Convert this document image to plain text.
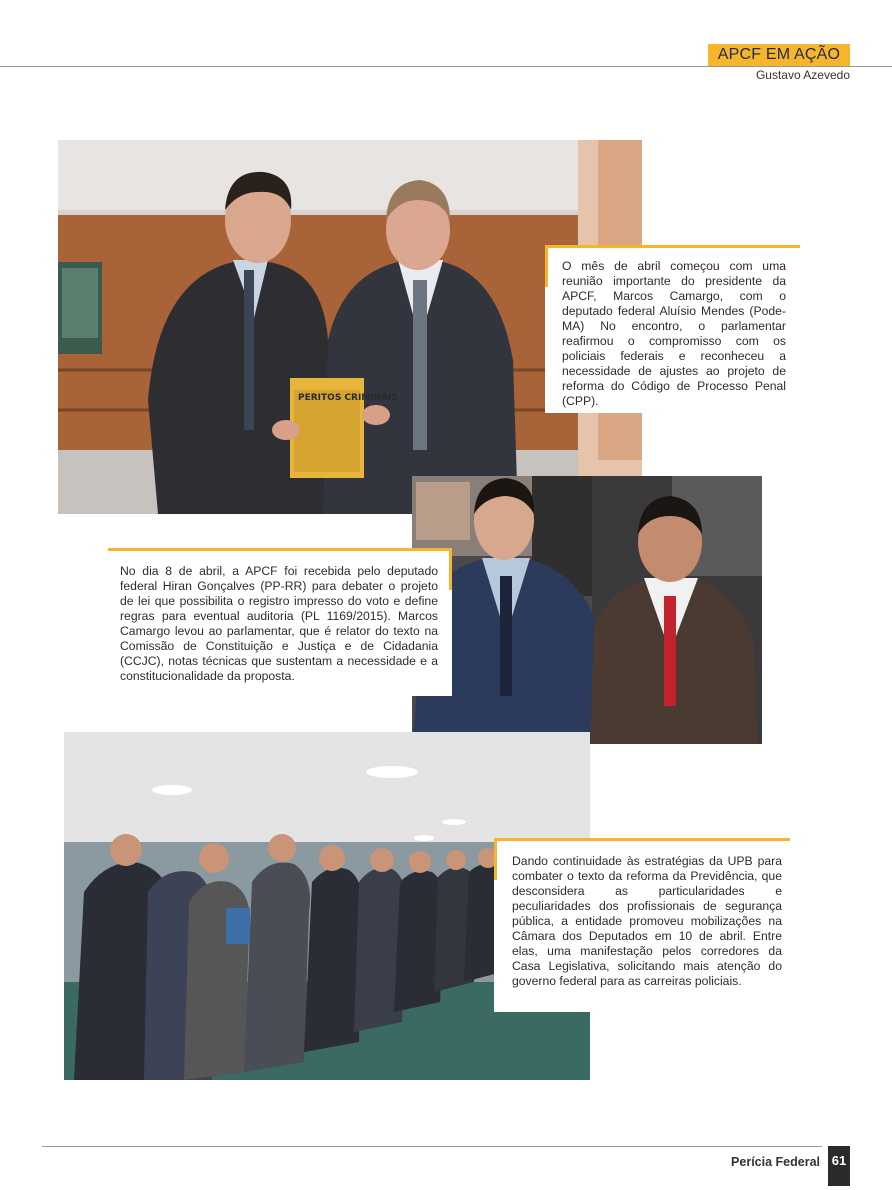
APCF EM AÇÃO
Gustavo Azevedo
PERITOS CRIMINAIS
O mês de abril começou com uma reunião importante do presidente da APCF, Marcos Camargo, com o deputado federal Aluísio Mendes (Pode-MA) No encontro, o parlamentar reafirmou o compromisso com os policiais federais e reconheceu a necessidade de ajustes ao projeto de reforma do Código de Processo Penal (CPP).
No dia 8 de abril, a APCF foi recebida pelo deputado federal Hiran Gonçalves (PP-RR) para debater o projeto de lei que possibilita o registro impresso do voto e define regras para eventual auditoria (PL 1169/2015). Marcos Camargo levou ao parlamentar, que é relator do texto na Comissão de Constituição e Justiça e de Cidadania (CCJC), notas técnicas que sustentam a necessidade e a constitucionalidade da proposta.
Dando continuidade às estratégias da UPB para combater o texto da reforma da Previdência, que desconsidera as particularidades e peculiaridades dos profissionais de segurança pública, a entidade promoveu mobilizações na Câmara dos Deputados em 10 de abril. Entre elas, uma manifestação pelos corredores da Casa Legislativa, solicitando mais atenção do governo federal para as carreiras policiais.
Perícia Federal 61
